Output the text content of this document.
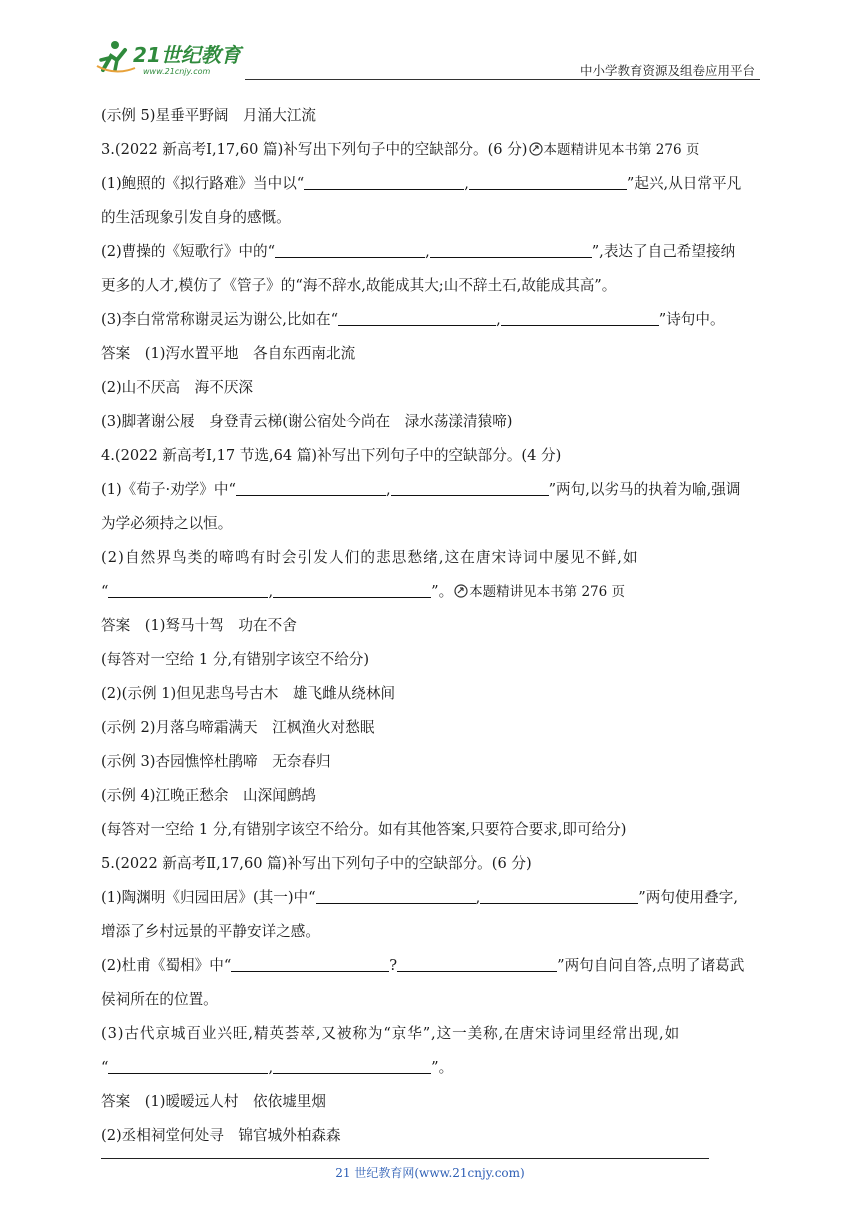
21世纪教育
www.21cnjy.com	中小学教育资源及组卷应用平台
(示例 5)星垂平野阔　月涌大江流
3.(2022 新高考Ⅰ,17,60 篇)补写出下列句子中的空缺部分。(6 分) 本题精讲见本书第 276 页
(1)鲍照的《拟行路难》当中以“	,	”起兴,从日常平凡
的生活现象引发自身的感慨。
(2)曹操的《短歌行》中的“	,	”,表达了自己希望接纳
更多的人才,模仿了《管子》的“海不辞水,故能成其大;山不辞土石,故能成其高”。
(3)李白常常称谢灵运为谢公,比如在“	,	”诗句中。
答案　(1)泻水置平地　各自东西南北流
(2)山不厌高　海不厌深
(3)脚著谢公屐　身登青云梯(谢公宿处今尚在　渌水荡漾清猿啼)
4.(2022 新高考Ⅰ,17 节选,64 篇)补写出下列句子中的空缺部分。(4 分)
(1)《荀子·劝学》中“	,	”两句,以劣马的执着为喻,强调
为学必须持之以恒。
(2)自然界鸟类的啼鸣有时会引发人们的悲思愁绪,这在唐宋诗词中屡见不鲜,如
“	,	”。 本题精讲见本书第 276 页
答案　(1)驽马十驾　功在不舍
(每答对一空给 1 分,有错别字该空不给分)
(2)(示例 1)但见悲鸟号古木　雄飞雌从绕林间
(示例 2)月落乌啼霜满天　江枫渔火对愁眠
(示例 3)杏园憔悴杜鹃啼　无奈春归
(示例 4)江晚正愁余　山深闻鹧鸪
(每答对一空给 1 分,有错别字该空不给分。如有其他答案,只要符合要求,即可给分)
5.(2022 新高考Ⅱ,17,60 篇)补写出下列句子中的空缺部分。(6 分)
(1)陶渊明《归园田居》(其一)中“	,	”两句使用叠字,
增添了乡村远景的平静安详之感。
(2)杜甫《蜀相》中“	?	”两句自问自答,点明了诸葛武
侯祠所在的位置。
(3)古代京城百业兴旺,精英荟萃,又被称为“京华”,这一美称,在唐宋诗词里经常出现,如
“	,	”。
答案　(1)暧暧远人村　依依墟里烟
(2)丞相祠堂何处寻　锦官城外柏森森
21 世纪教育网(www.21cnjy.com)
